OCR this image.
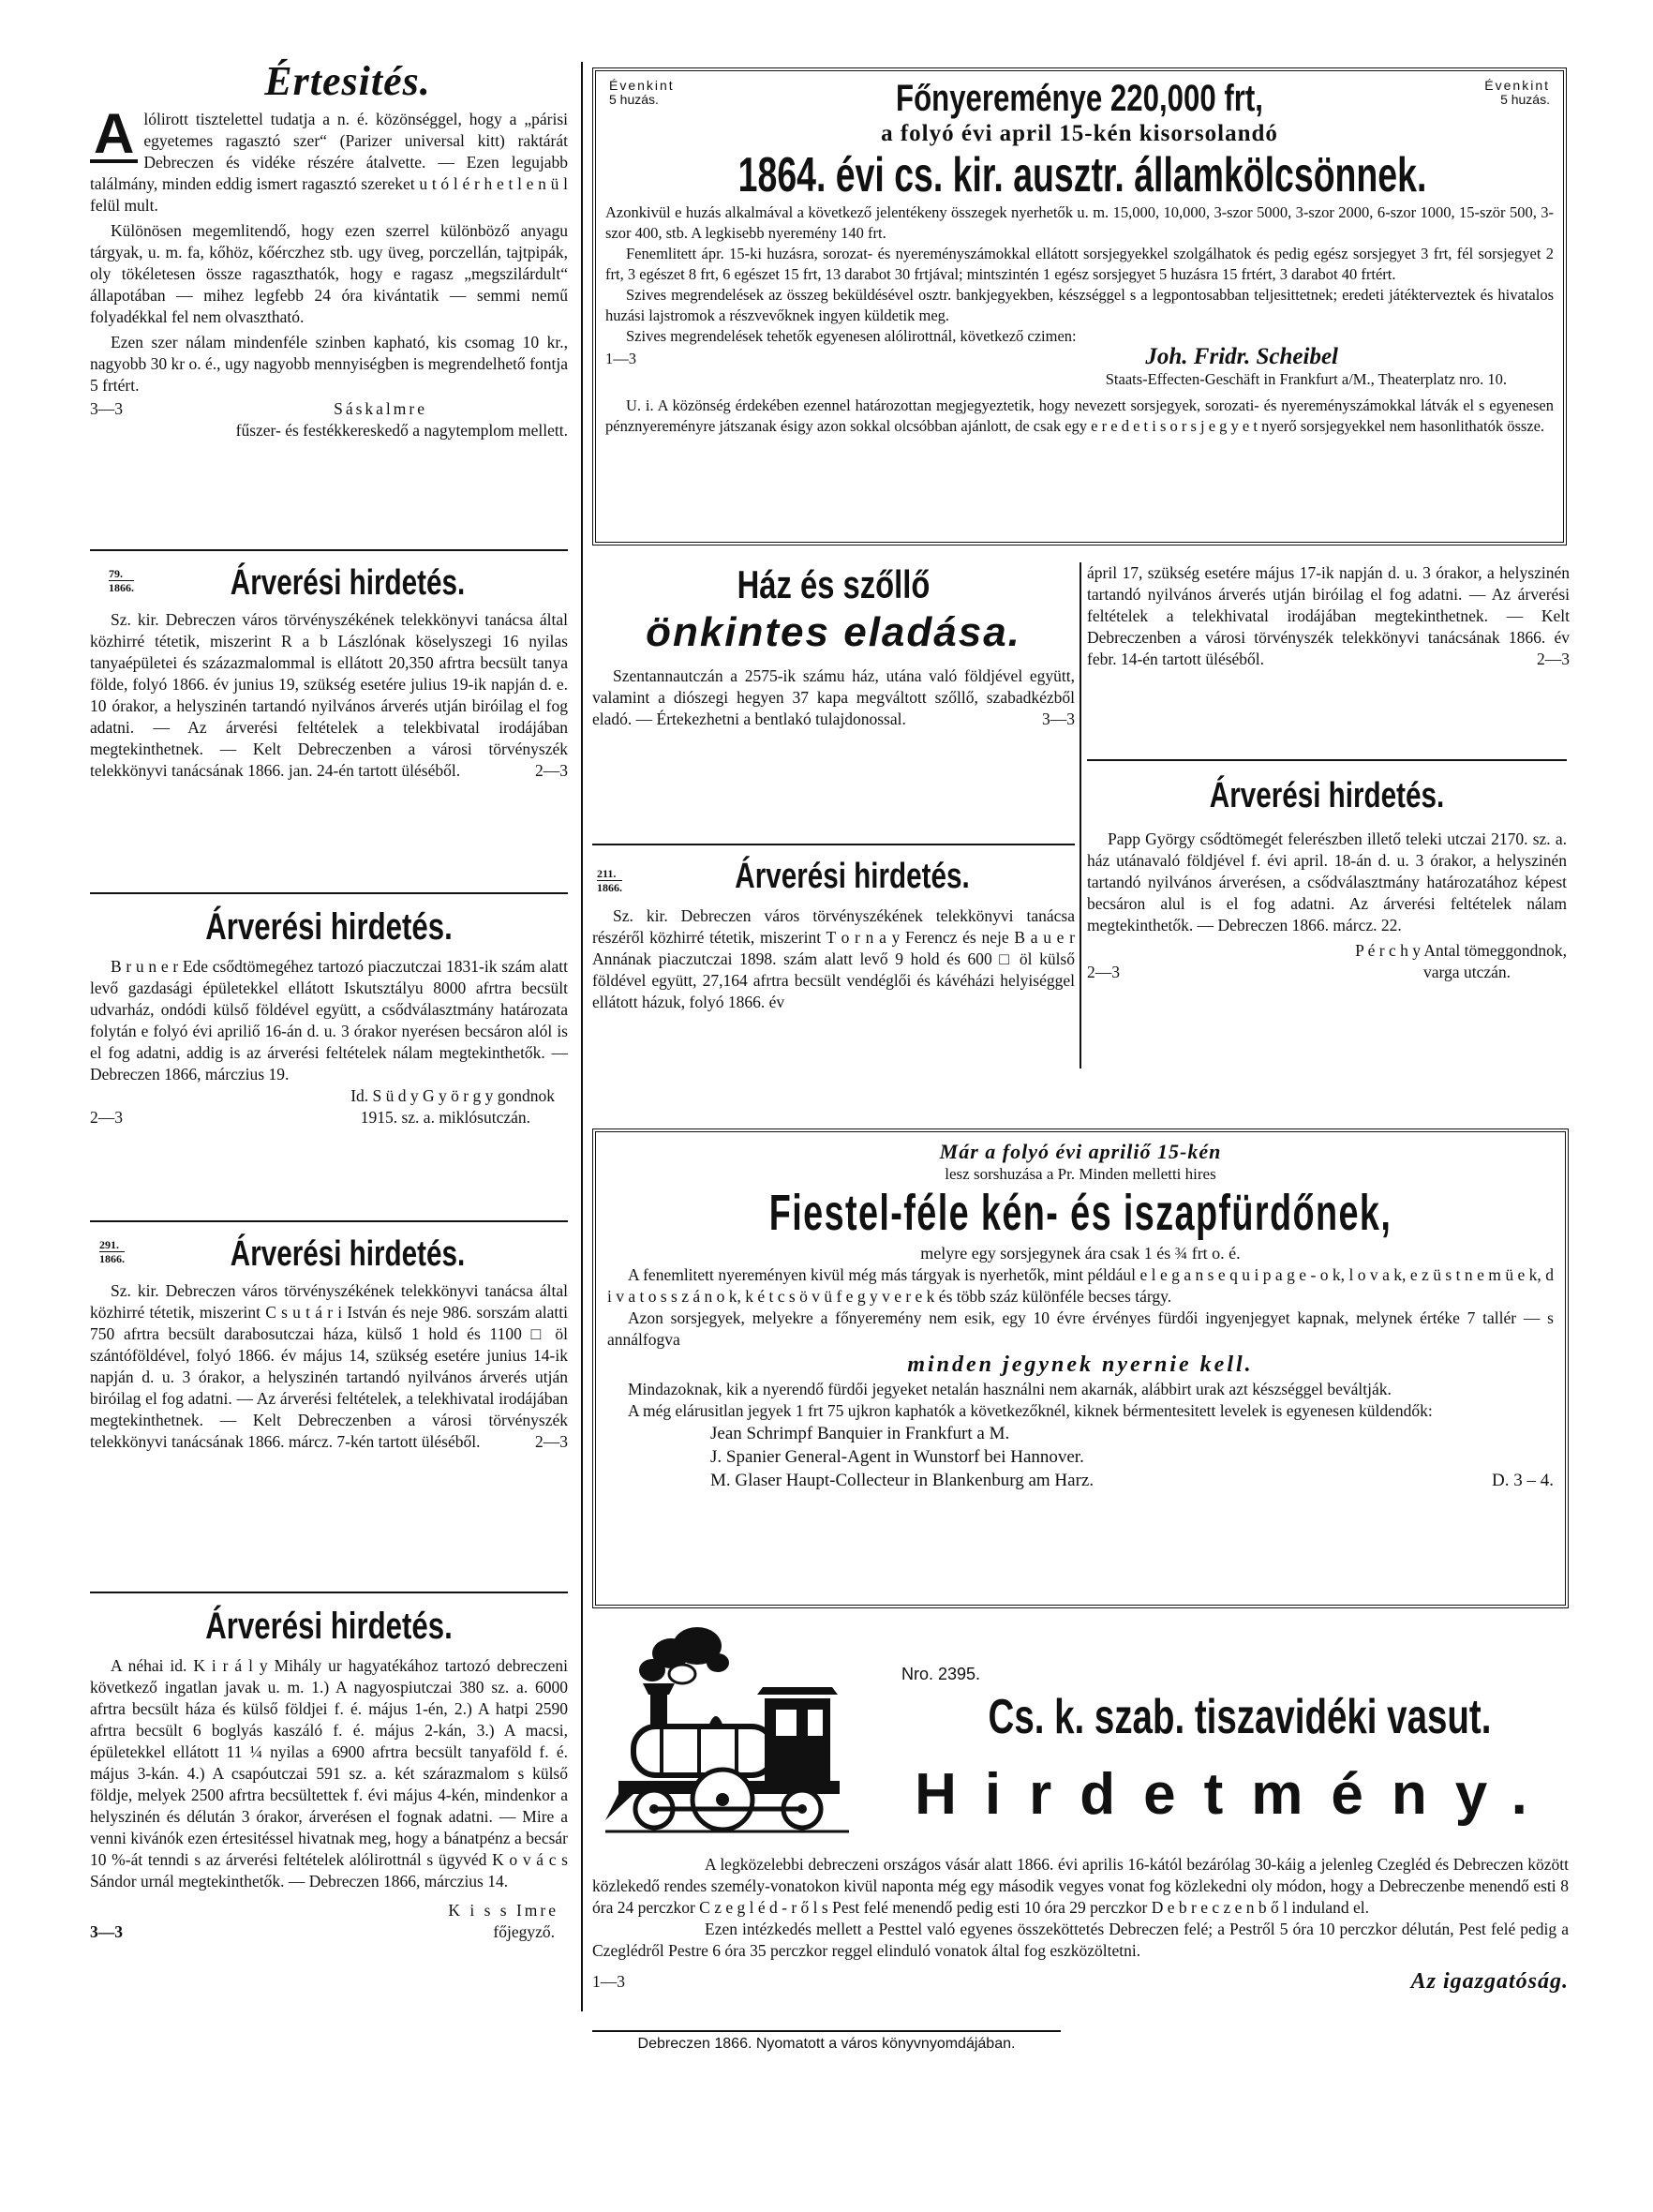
Értesités.
A lólirott tisztelettel tudatja a n. é. közönséggel, hogy a „párisi egyetemes ragasztó szer“ (Parizer universal kitt) raktárát Debreczen és vidéke részére átalvette. — Ezen legujabb találmány, minden eddig ismert ragasztó szereket u t ó l é r h e t l e n ü l felül mult.

Különösen megemlitendő, hogy ezen szerrel különböző anyagu tárgyak, u. m. fa, kőhöz, kőérczhez stb. ugy üveg, porczellán, tajtpipák, oly tökéletesen össze ragaszthatók, hogy e ragasz „megszilárdult“ állapotában — mihez legfebb 24 óra kivántatik — semmi nemű folyadékkal fel nem olvasztható.

Ezen szer nálam mindenféle szinben kapható, kis csomag 10 kr., nagyobb 30 kr o. é., ugy nagyobb mennyiségben is megrendelhető fontja 5 frtért.

3—3	Sáskalmre
fűszer- és festékkereskedő a nagytemplom mellett.
79.
1866.	Árverési hirdetés.

Sz. kir. Debreczen város törvényszékének telekkönyvi tanácsa által közhirré tétetik, miszerint R a b Lászlónak köselyszegi 16 nyilas tanyaépületei és százazmalommal is ellátott 20,350 afrtra becsült tanya földe, folyó 1866. év junius 19, szükség esetére julius 19-ik napján d. e. 10 órakor, a helyszinén tartandó nyilvános árverés utján biróilag el fog adatni. — Az árverési feltételek a telekbivatal irodájában megtekinthetnek. — Kelt Debreczenben a városi törvényszék telekkönyvi tanácsának 1866. jan. 24-én tartott üléséből.	2—3
Árverési hirdetés.

B r u n e r Ede csődtömegéhez tartozó piaczutczai 1831-ik szám alatt levő gazdasági épületekkel ellátott Iskutsztályu 8000 afrtra becsült udvarház, ondódi külső földével együtt, a csődválasztmány határozata folytán e folyó évi apriliő 16-án d. u. 3 órakor nyerésen becsáron alól is el fog adatni, addig is az árverési feltételek nálam megtekinthetők. — Debreczen 1866, márczius 19.

Id. S ü d y G y ö r g y gondnok
2—3	1915. sz. a. miklósutczán.
291.
1866.	Árverési hirdetés.

Sz. kir. Debreczen város törvényszékének telekkönyvi tanácsa által közhirré tétetik, miszerint C s u t á r i István és neje 986. sorszám alatti 750 afrtra becsült darabosutczai háza, külső 1 hold és 1100 □ öl szántóföldével, folyó 1866. év május 14, szükség esetére junius 14-ik napján d. u. 3 órakor, a helyszinén tartandó nyilvános árverés utján biróilag el fog adatni. — Az árverési feltételek, a telekhivatal irodájában megtekinthetnek. — Kelt Debreczenben a városi törvényszék telekkönyvi tanácsának 1866. márcz. 7-kén tartott üléséből.	2—3
Árverési hirdetés.

A néhai id. K i r á l y Mihály ur hagyatékához tartozó debreczeni következő ingatlan javak u. m. 1.) A nagyospiutczai 380 sz. a. 6000 afrtra becsült háza és külső földjei f. é. május 1-én, 2.) A hatpi 2590 afrtra becsült 6 boglyás kaszáló f. é. május 2-kán, 3.) A macsi, épületekkel ellátott 11 ¼ nyilas a 6900 afrtra becsült tanyaföld f. é. május 3-kán. 4.) A csapóutczai 591 sz. a. két szárazmalom s külső földje, melyek 2500 afrtra becsültettek f. évi május 4-kén, mindenkor a helyszinén és délután 3 órakor, árverésen el fognak adatni. — Mire a venni kivánók ezen értesitéssel hivatnak meg, hogy a bánatpénz a becsár 10 %-át tenndi s az árverési feltételek alólirottnál s ügyvéd K o v á c s Sándor urnál megtekinthetők. — Debreczen 1866, márczius 14.

K i s s Imre
3—3	főjegyző.
Évenkint
5 huzás.
Évenkint
5 huzás.
Főnyereménye 220,000 frt,
a folyó évi april 15-kén kisorsolandó
1864. évi cs. kir. ausztr. államkölcsönnek.

Azonkivül e huzás alkalmával a következő jelentékeny összegek nyerhetők u. m. 15,000, 10,000, 3-szor 5000, 3-szor 2000, 6-szor 1000, 15-ször 500, 3-szor 400, stb. A legkisebb nyeremény 140 frt.

Fenemlitett ápr. 15-ki huzásra, sorozat- és nyereményszámokkal ellátott sorsjegyekkel szolgálhatok és pedig egész sorsjegyet 3 frt, fél sorsjegyet 2 frt, 3 egészet 8 frt, 6 egészet 15 frt, 13 darabot 30 frtjával; mintszintén 1 egész sorsjegyet 5 huzásra 15 frtért, 3 darabot 40 frtért.

Szives megrendelések az összeg beküldésével osztr. bankjegyekben, készséggel s a legpontosabban teljesittetnek; eredeti játékterveztek és hivatalos huzási lajstromok a részvevőknek ingyen küldetik meg.

Szives megrendelések tehetők egyenesen alólirottnál, következő czimen:

1—3	Joh. Fridr. Scheibel
Staats-Effecten-Geschäft in Frankfurt a/M., Theaterplatz nro. 10.

U. i. A közönség érdekében ezennel határozottan megjegyeztetik, hogy nevezett sorsjegyek, sorozati- és nyereményszámokkal látvák el s egyenesen pénznyereményre játszanak ésigy azon sokkal olcsóbban ajánlott, de csak egy e r e d e t i s o r s j e g y e t nyerő sorsjegyekkel nem hasonlithatók össze.

Ház és szőllő
önkintes eladása.

Szentannautczán a 2575-ik számu ház, utána való földjével együtt, valamint a diószegi hegyen 37 kapa megváltott szőllő, szabadkézből eladó. — Értekezhetni a bentlakó tulajdonossal.	3—3
211.
1866.	Árverési hirdetés.

Sz. kir. Debreczen város törvényszékének telekkönyvi tanácsa részéről közhirré tétetik, miszerint T o r n a y Ferencz és neje B a u e r Annának piaczutczai 1898. szám alatt levő 9 hold és 600 □ öl külső földével együtt, 27,164 afrtra becsült vendéglői és kávéházi helyiséggel ellátott házuk, folyó 1866. év

ápril 17, szükség esetére május 17-ik napján d. u. 3 órakor, a helyszinén tartandó nyilvános árverés utján biróilag el fog adatni. — Az árverési feltételek a telekhivatal irodájában megtekinthetnek. — Kelt Debreczenben a városi törvényszék telekkönyvi tanácsának 1866. év febr. 14-én tartott üléséből.	2—3
Árverési hirdetés.

Papp György csődtömegét felerészben illető teleki utczai 2170. sz. a. ház utánavaló földjével f. évi april. 18-án d. u. 3 órakor, a helyszinén tartandó nyilvános árverésen, a csődválasztmány határozatához képest becsáron alul is el fog adatni. Az árverési feltételek nálam megtekinthetők. — Debreczen 1866. márcz. 22.

P é r c h y Antal tömeggondnok,
2—3	varga utczán.
Már a folyó évi apriliő 15-kén
lesz sorshuzása a Pr. Minden melletti hires
Fiestel-féle kén- és iszapfürdőnek,
melyre egy sorsjegynek ára csak 1 és ¾ frt o. é.

A fenemlitett nyereményen kivül még más tárgyak is nyerhetők, mint például e l e g a n s e q u i p a g e - o k, l o v a k, e z ü s t n e m ü e k, d i v a t o s s z á n o k, k é t c s ö v ü f e g y v e r e k és több száz különféle becses tárgy.

Azon sorsjegyek, melyekre a főnyeremény nem esik, egy 10 évre érvényes fürdői ingyenjegyet kapnak, melynek értéke 7 tallér — s annálfogva

minden jegynek nyernie kell.

Mindazoknak, kik a nyerendő fürdői jegyeket netalán használni nem akarnák, alábbirt urak azt készséggel beváltják.

A még elárusitlan jegyek 1 frt 75 ujkron kaphatók a következőknél, kiknek bérmentesitett levelek is egyenesen küldendők:

Jean Schrimpf Banquier in Frankfurt a M.
J. Spanier General-Agent in Wunstorf bei Hannover.
M. Glaser Haupt-Collecteur in Blankenburg am Harz.	D. 3 – 4.
Nro. 2395.
Cs. k. szab. tiszavidéki vasut.
Hirdetmény.

A legközelebbi debreczeni országos vásár alatt 1866. évi aprilis 16-kától bezárólag 30-káig a jelenleg Czegléd és Debreczen között közlekedő rendes személy-vonatokon kivül naponta még egy második vegyes vonat fog közlekedni oly módon, hogy a Debreczenbe menendő esti 8 óra 24 perczkor C z e g l é d - r ő l s Pest felé menendő pedig esti 10 óra 29 perczkor D e b r e c z e n b ő l induland el.

Ezen intézkedés mellett a Pesttel való egyenes összeköttetés Debreczen felé; a Pestről 5 óra 10 perczkor délután, Pest felé pedig a Czeglédről Pestre 6 óra 35 perczkor reggel elinduló vonatok által fog eszközöltetni.

1—3	Az igazgatóság.
Debreczen 1866. Nyomatott a város könyvnyomdájában.
